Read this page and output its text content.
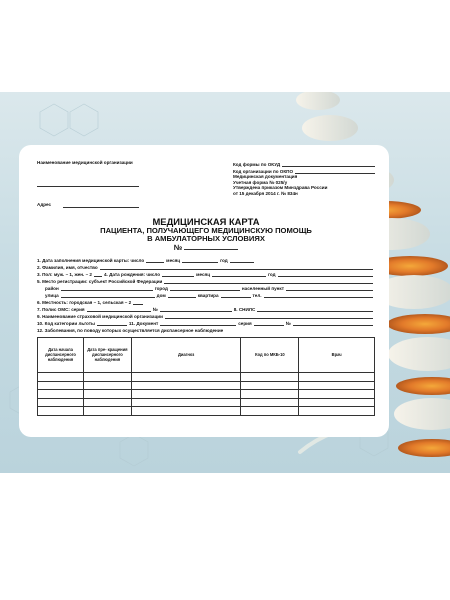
Наименование медицинской организации
Адрес
Код формы по ОКУД
Код организации по ОКПО
Медицинская документация
Учетная форма № 025/у
Утверждена приказом Минздрава России
от 15 декабря 2014 г. № 834н
МЕДИЦИНСКАЯ КАРТА
ПАЦИЕНТА, ПОЛУЧАЮЩЕГО МЕДИЦИНСКУЮ ПОМОЩЬ
В АМБУЛАТОРНЫХ УСЛОВИЯХ
№
1. Дата заполнения медицинской карты: число	месяц	год
2. Фамилия, имя, отчество
3. Пол: муж. – 1, жен. – 2	4. Дата рождения: число	месяц	год
5. Место регистрации: субъект Российской Федерации
район	город	населенный пункт
улица	дом	квартира	тел.
6. Местность: городская – 1, сельская – 2
7. Полис ОМС: серия	№	8. СНИЛС
9. Наименование страховой медицинской организации
10. Код категории льготы	11. Документ	серия	№
12. Заболевания, по поводу которых осуществляется диспансерное наблюдение
Дата начала диспансерного наблюдения	Дата пре- кращения диспансерного наблюдения	Диагноз	Код по МКБ-10	Врач
